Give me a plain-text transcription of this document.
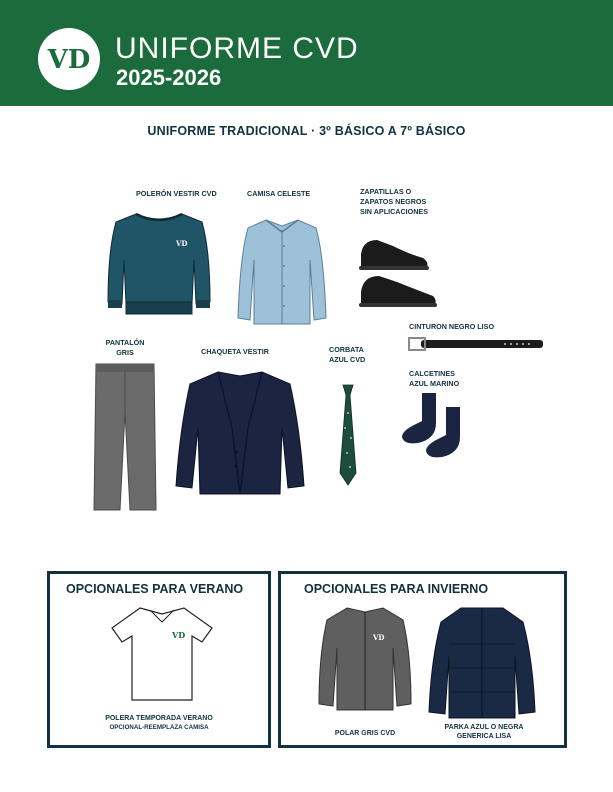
VD UNIFORME CVD
2025-2026
UNIFORME TRADICIONAL · 3º BÁSICO A 7º BÁSICO
POLERÓN VESTIR CVD	CAMISA CELESTE	ZAPATILLAS O ZAPATOS NEGROS SIN APLICACIONES
CINTURON NEGRO LISO
PANTALÓN GRIS	CHAQUETA VESTIR	CORBATA AZUL CVD
CALCETINES AZUL MARINO
VD
OPCIONALES PARA VERANO
VD
POLERA TEMPORADA VERANO
OPCIONAL-REEMPLAZA CAMISA
OPCIONALES PARA INVIERNO
VD
POLAR GRIS CVD
PARKA AZUL O NEGRA GENERICA LISA
